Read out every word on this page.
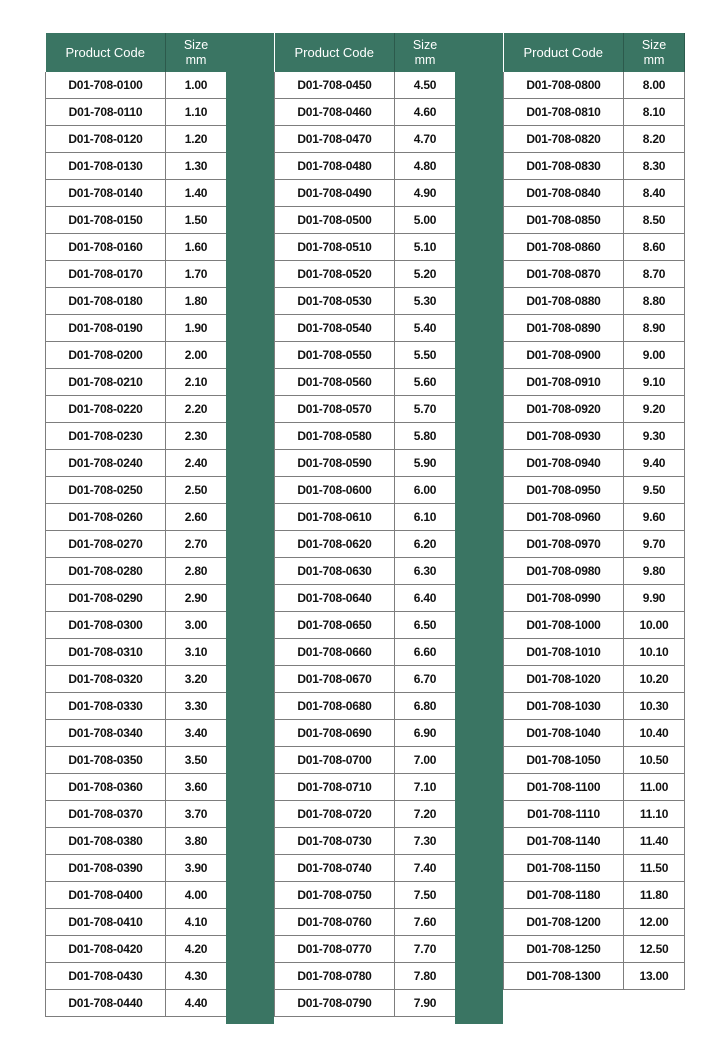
Product Code	Size
mm
D01-708-0100	1.00
D01-708-0110	1.10
D01-708-0120	1.20
D01-708-0130	1.30
D01-708-0140	1.40
D01-708-0150	1.50
D01-708-0160	1.60
D01-708-0170	1.70
D01-708-0180	1.80
D01-708-0190	1.90
D01-708-0200	2.00
D01-708-0210	2.10
D01-708-0220	2.20
D01-708-0230	2.30
D01-708-0240	2.40
D01-708-0250	2.50
D01-708-0260	2.60
D01-708-0270	2.70
D01-708-0280	2.80
D01-708-0290	2.90
D01-708-0300	3.00
D01-708-0310	3.10
D01-708-0320	3.20
D01-708-0330	3.30
D01-708-0340	3.40
D01-708-0350	3.50
D01-708-0360	3.60
D01-708-0370	3.70
D01-708-0380	3.80
D01-708-0390	3.90
D01-708-0400	4.00
D01-708-0410	4.10
D01-708-0420	4.20
D01-708-0430	4.30
D01-708-0440	4.40
Product Code	Size
mm
D01-708-0450	4.50
D01-708-0460	4.60
D01-708-0470	4.70
D01-708-0480	4.80
D01-708-0490	4.90
D01-708-0500	5.00
D01-708-0510	5.10
D01-708-0520	5.20
D01-708-0530	5.30
D01-708-0540	5.40
D01-708-0550	5.50
D01-708-0560	5.60
D01-708-0570	5.70
D01-708-0580	5.80
D01-708-0590	5.90
D01-708-0600	6.00
D01-708-0610	6.10
D01-708-0620	6.20
D01-708-0630	6.30
D01-708-0640	6.40
D01-708-0650	6.50
D01-708-0660	6.60
D01-708-0670	6.70
D01-708-0680	6.80
D01-708-0690	6.90
D01-708-0700	7.00
D01-708-0710	7.10
D01-708-0720	7.20
D01-708-0730	7.30
D01-708-0740	7.40
D01-708-0750	7.50
D01-708-0760	7.60
D01-708-0770	7.70
D01-708-0780	7.80
D01-708-0790	7.90
Product Code	Size
mm
D01-708-0800	8.00
D01-708-0810	8.10
D01-708-0820	8.20
D01-708-0830	8.30
D01-708-0840	8.40
D01-708-0850	8.50
D01-708-0860	8.60
D01-708-0870	8.70
D01-708-0880	8.80
D01-708-0890	8.90
D01-708-0900	9.00
D01-708-0910	9.10
D01-708-0920	9.20
D01-708-0930	9.30
D01-708-0940	9.40
D01-708-0950	9.50
D01-708-0960	9.60
D01-708-0970	9.70
D01-708-0980	9.80
D01-708-0990	9.90
D01-708-1000	10.00
D01-708-1010	10.10
D01-708-1020	10.20
D01-708-1030	10.30
D01-708-1040	10.40
D01-708-1050	10.50
D01-708-1100	11.00
D01-708-1110	11.10
D01-708-1140	11.40
D01-708-1150	11.50
D01-708-1180	11.80
D01-708-1200	12.00
D01-708-1250	12.50
D01-708-1300	13.00
